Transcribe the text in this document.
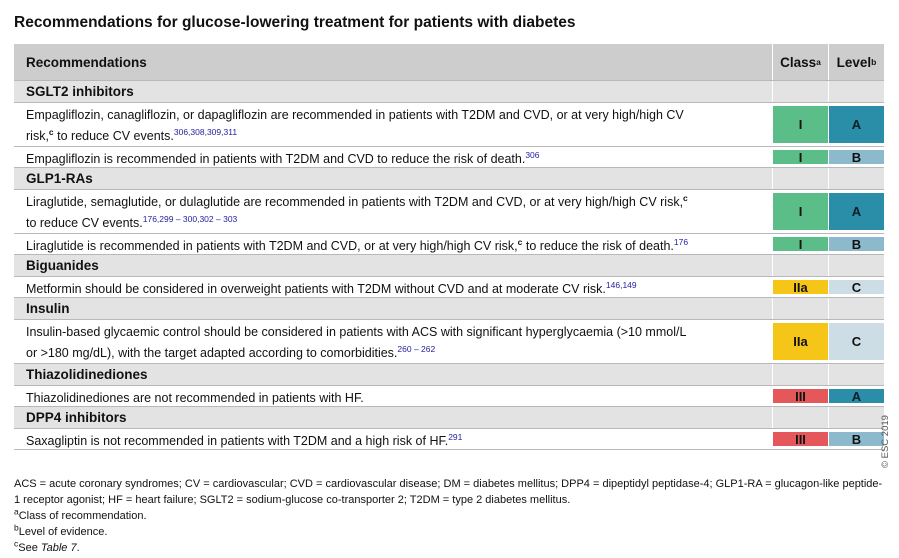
Recommendations for glucose-lowering treatment for patients with diabetes
Recommendations	Class a Level b
SGLT2 inhibitors
Empagliflozin, canagliflozin, or dapagliflozin are recommended in patients with T2DM and CVD, or at very high/high CV risk,$^c$ to reduce CV events.$^{306,308,309,311}$	I	A
Empagliflozin is recommended in patients with T2DM and CVD to reduce the risk of death.$^{306}$	I	B
GLP1-RAs
Liraglutide, semaglutide, or dulaglutide are recommended in patients with T2DM and CVD, or at very high/high CV risk,$^c$ to reduce CV events.$^{176,299 - 300,302 - 303}$	I	A
Liraglutide is recommended in patients with T2DM and CVD, or at very high/high CV risk,$^c$ to reduce the risk of death.$^{176}$	I	B
Biguanides
Metformin should be considered in overweight patients with T2DM without CVD and at moderate CV risk.$^{146,149}$	IIa	C
Insulin
Insulin-based glycaemic control should be considered in patients with ACS with significant hyperglycaemia (>10 mmol/L or >180 mg/dL), with the target adapted according to comorbidities.$^{260 - 262}$	IIa	C
Thiazolidinediones
Thiazolidinediones are not recommended in patients with HF.	III	A
DPP4 inhibitors
Saxagliptin is not recommended in patients with T2DM and a high risk of HF.$^{291}$	III	B

ACS = acute coronary syndromes; CV = cardiovascular; CVD = cardiovascular disease; DM = diabetes mellitus; DPP4 = dipeptidyl peptidase-4; GLP1-RA = glucagon-like peptide-1 receptor agonist; HF = heart failure; SGLT2 = sodium-glucose co-transporter 2; T2DM = type 2 diabetes mellitus.

$^a$Class of recommendation.

$^b$Level of evidence.

$^c$See Table 7.

© ESC 2019
